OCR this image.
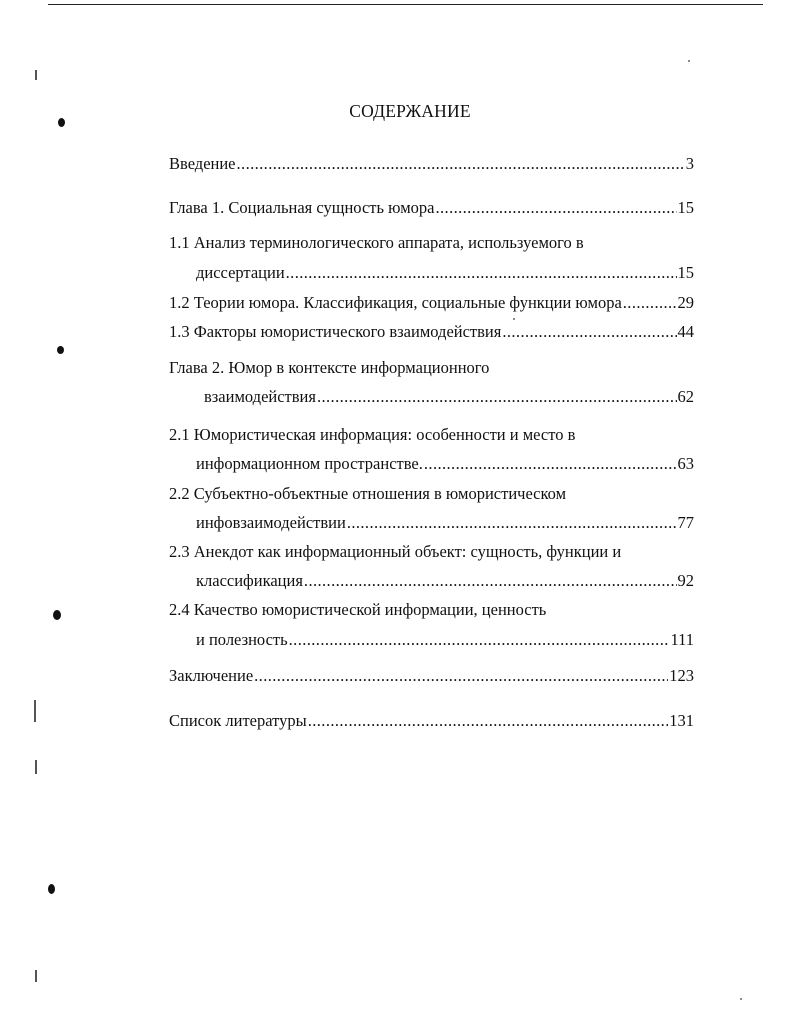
СОДЕРЖАНИЕ
Введение .....	3
Глава 1. Социальная сущность юмора .....	15
1.1 Анализ терминологического аппарата, используемого в
диссертации .....	15
1.2 Теории юмора. Классификация, социальные функции юмора .....	29
1.3 Факторы юмористического взаимодействия .....	44
Глава 2. Юмор в контексте информационного
взаимодействия .....	62
2.1 Юмористическая информация: особенности и место в
информационном пространстве. .....	63
2.2 Субъектно-объектные отношения в юмористическом
инфовзаимодействии .....	77
2.3 Анекдот как информационный объект: сущность, функции и
классификация .....	92
2.4 Качество юмористической информации, ценность
и полезность .....	111
Заключение .....	123
Список литературы .....	131
